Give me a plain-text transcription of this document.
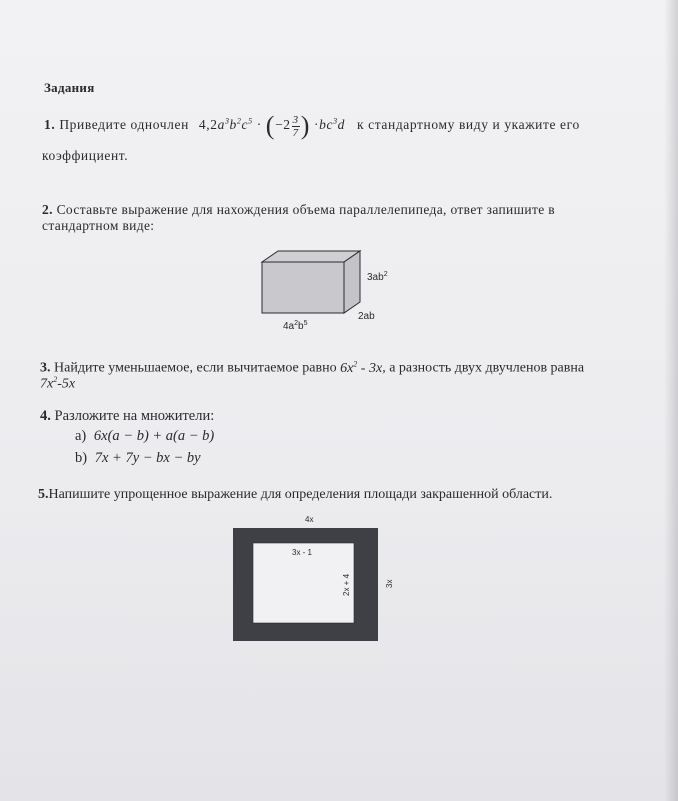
Задания
1. Приведите одночлен $4,2a^3b^2c^5 \cdot (-2 \frac{3}{7}$ ) $\cdot bc^3d$ к стандартному виду и укажите его
коэффициент.
2. Составьте выражение для нахождения объема параллелепипеда, ответ запишите в
стандартном виде:
$3ab^2$
2ab
$4a^2b^5$
3. Найдите уменьшаемое, если вычитаемое равно $6x^2 - 3x$, а разность двух двучленов равна
$7x^2-5x$
4. Разложите на множители:
а) 6x(a − b) + a(a − b)
b) 7x + 7y − bx − by
5.Напишите упрощенное выражение для определения площади закрашенной области.
4x
3x - 1
2x + 4	3x
